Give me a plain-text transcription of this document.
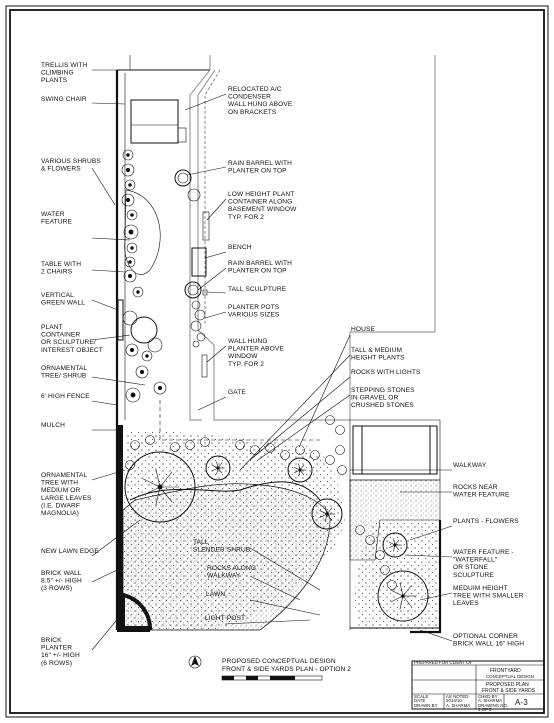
TRELLIS WITH CLIMBING PLANTS
SWING CHAIR
VARIOUS SHRUBS & FLOWERS
WATER FEATURE
TABLE WITH 2 CHAIRS
VERTICAL GREEN WALL
PLANT CONTAINER OR SCULPTURE/ INTEREST OBJECT
ORNAMENTAL TREE/ SHRUB
6' HIGH FENCE
MULCH
ORNAMENTAL TREE WITH MEDIUM OR LARGE LEAVES (I.E. DWARF MAGNOLIA)
NEW LAWN EDGE
BRICK WALL 8.5" +/- HIGH (3 ROWS)
BRICK PLANTER 16" +/- HIGH (6 ROWS)
RELOCATED A/C CONDENSER WALL HUNG ABOVE ON BRACKETS
RAIN BARREL WITH PLANTER ON TOP
LOW HEIGHT PLANT CONTAINER ALONG BASEMENT WINDOW TYP. FOR 2
BENCH
RAIN BARREL WITH PLANTER ON TOP
TALL SCULPTURE
PLANTER POTS VARIOUS SIZES
WALL HUNG PLANTER ABOVE WINDOW TYP. FOR 2
GATE
HOUSE
TALL & MEDIUM HEIGHT PLANTS
ROCKS WITH LIGHTS
STEPPING STONES IN GRAVEL OR CRUSHED STONES
WALKWAY
ROCKS NEAR WATER FEATURE
PLANTS - FLOWERS
WATER FEATURE -"WATERFALL" OR STONE SCULPTURE
MEDUIM HEIGHT TREE WITH SMALLER LEAVES
OPTIONAL CORNER BRICK WALL 16" HIGH
TALL SLENDER SHRUB
ROCKS ALONG WALKWAY
LAWN
LIGHT POST
PROPOSED CONCEPTUAL DESIGN
FRONT & SIDE YARDS PLAN - OPTION 2
PREPARED FOR CLIENT OF
FRONTYARD
CONCEPTUAL DESIGN
PROPOSED PLAN
FRONT & SIDE YARDS
SCALE	AS NOTED
DATE	2014/10
DRAWN BY A. SHARMA
CHKD BY
A. SHARMA
DRAWING NO.
3 OF 5
A-3
